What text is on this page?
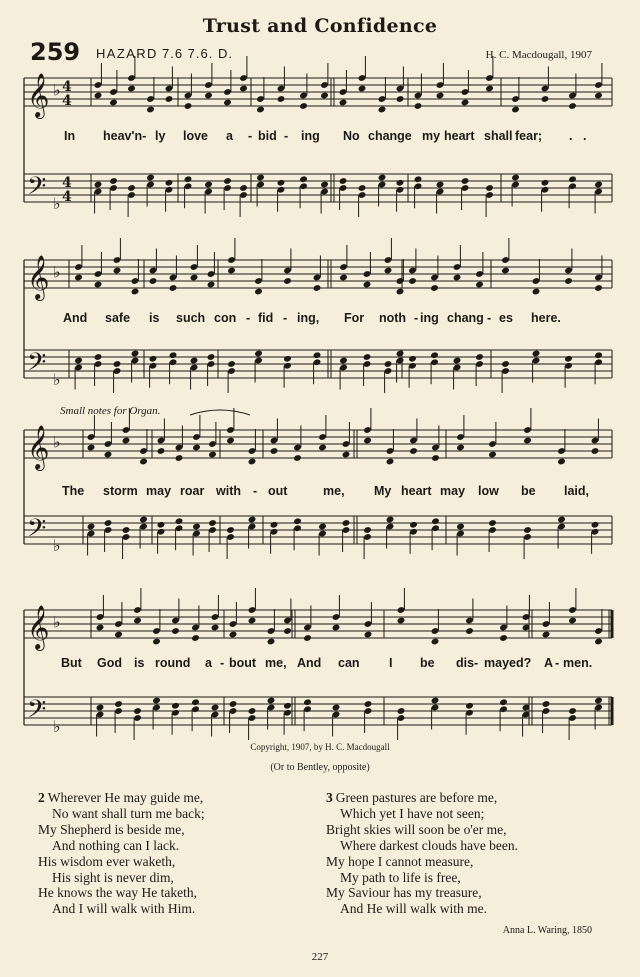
Trust and Confidence
259 HAZARD 7.6 7.6. D.	H. C. Macdougall, 1907
𝄞
𝄢
♭
♭
4
4
4
4
𝄞
𝄢
♭
♭
𝄞
𝄢
♭
♭
𝄞
𝄢
♭
♭
In heav'n- ly love a - bid - ing No change my heart shall fear; . .
And safe is such con - fid - ing, For noth - ing chang - es here.
Small notes for Organ.
The storm may roar with - out	me, My heart may low be laid,
But God is round a - bout me, And can I be dis - mayed? A - men.
Copyright, 1907, by H. C. Macdougall
(Or to Bentley, opposite)
2 Wherever He may guide me,
No want shall turn me back;
My Shepherd is beside me,
And nothing can I lack.
His wisdom ever waketh,
His sight is never dim,
He knows the way He taketh,
And I will walk with Him.
3 Green pastures are before me,
Which yet I have not seen;
Bright skies will soon be o'er me,
Where darkest clouds have been.
My hope I cannot measure,
My path to life is free,
My Saviour has my treasure,
And He will walk with me.
Anna L. Waring, 1850
227
